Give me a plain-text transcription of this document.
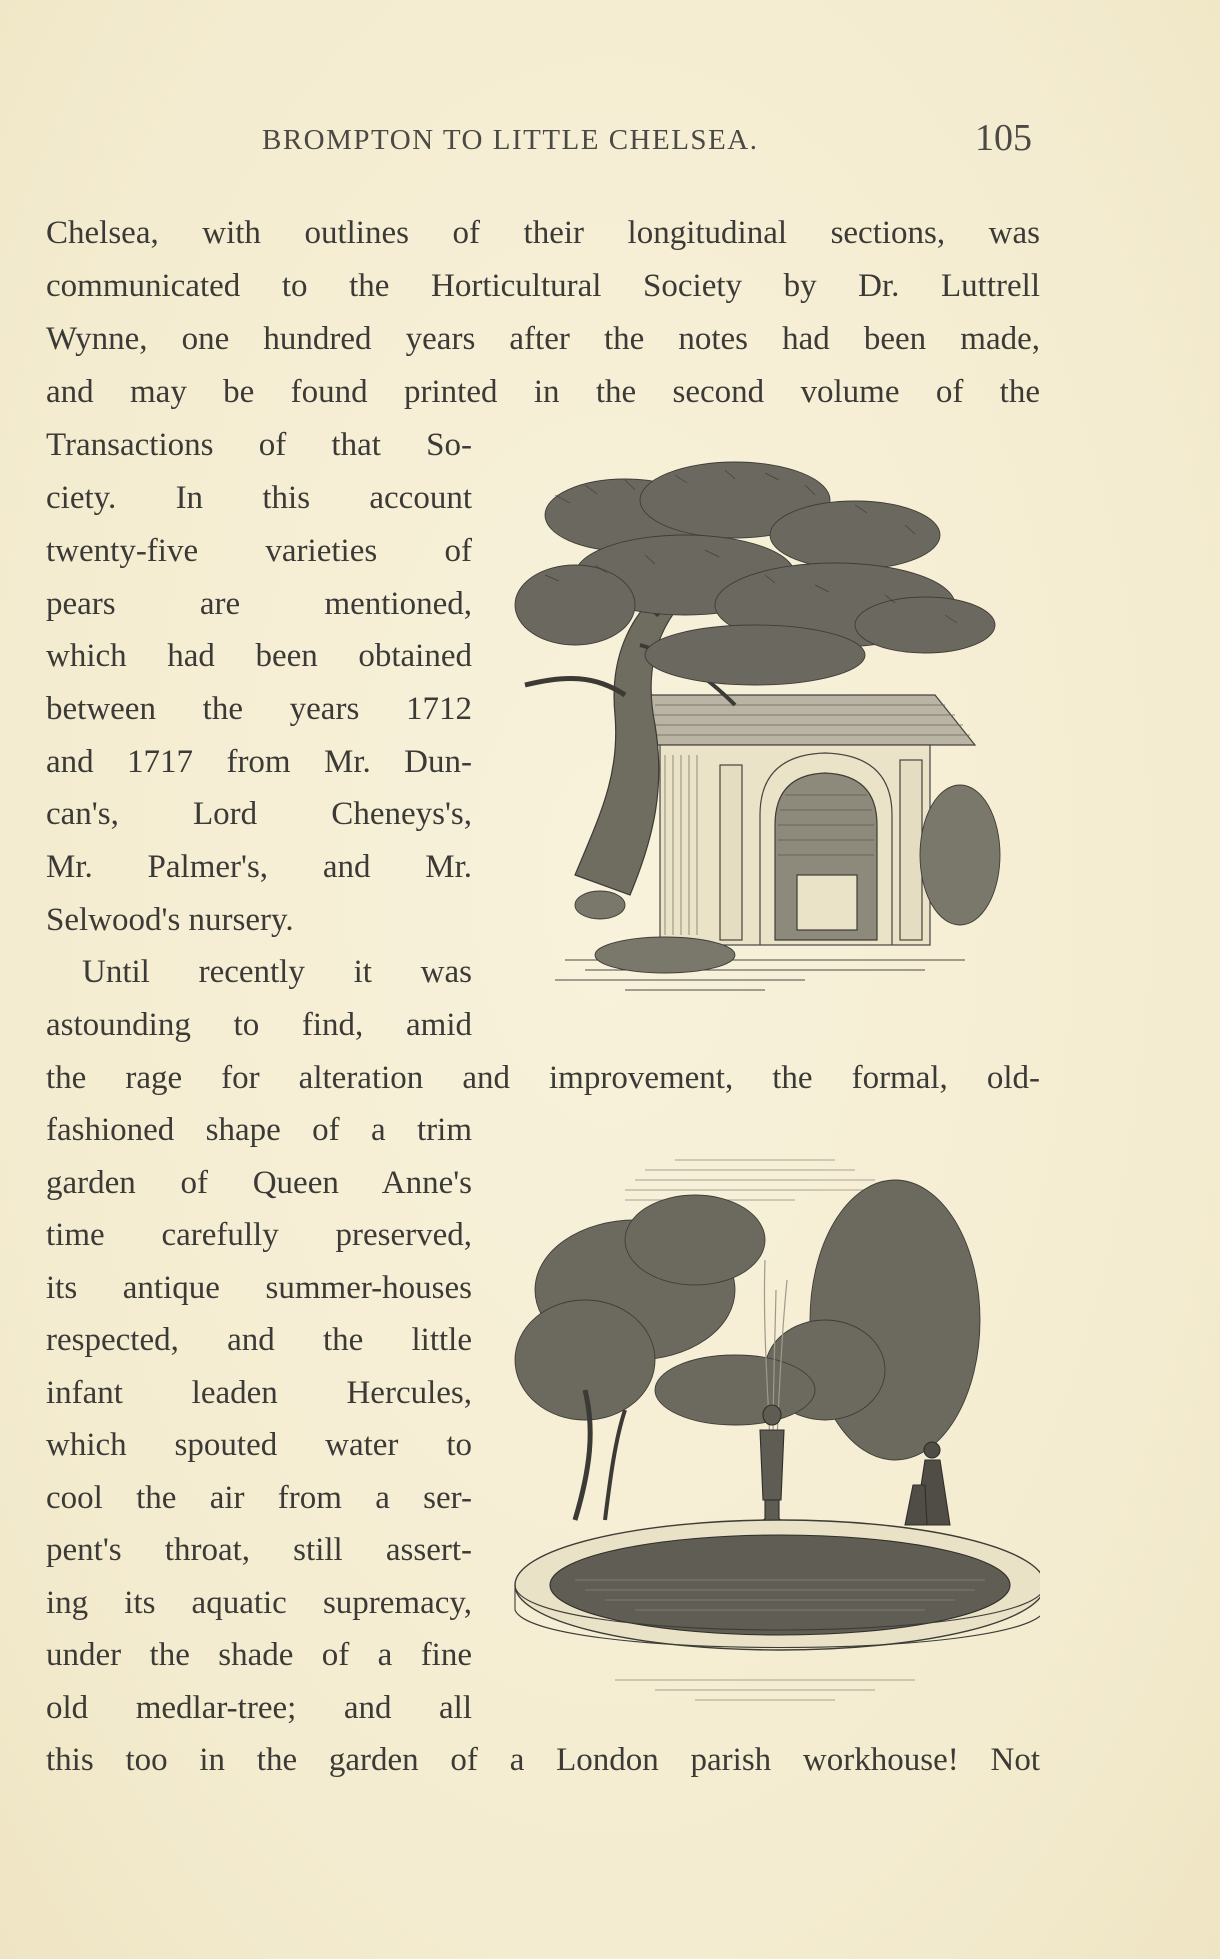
BROMPTON TO LITTLE CHELSEA.	105
Chelsea, with outlines of their longitudinal sections, was
communicated to the Horticultural Society by Dr. Luttrell
Wynne, one hundred years after the notes had been made,
and may be found printed in the second volume of the
Transactions of that So-
ciety. In this account
twenty-five varieties of
pears are mentioned,
which had been obtained
between the years 1712
and 1717 from Mr. Dun-
can's, Lord Cheneys's,
Mr. Palmer's, and Mr.
Selwood's nursery.
Until recently it was
astounding to find, amid
the rage for alteration and improvement, the formal, old-
fashioned shape of a trim
garden of Queen Anne's
time carefully preserved,
its antique summer-houses
respected, and the little
infant leaden Hercules,
which spouted water to
cool the air from a ser-
pent's throat, still assert-
ing its aquatic supremacy,
under the shade of a fine
old medlar-tree; and all
this too in the garden of a London parish workhouse! Not
